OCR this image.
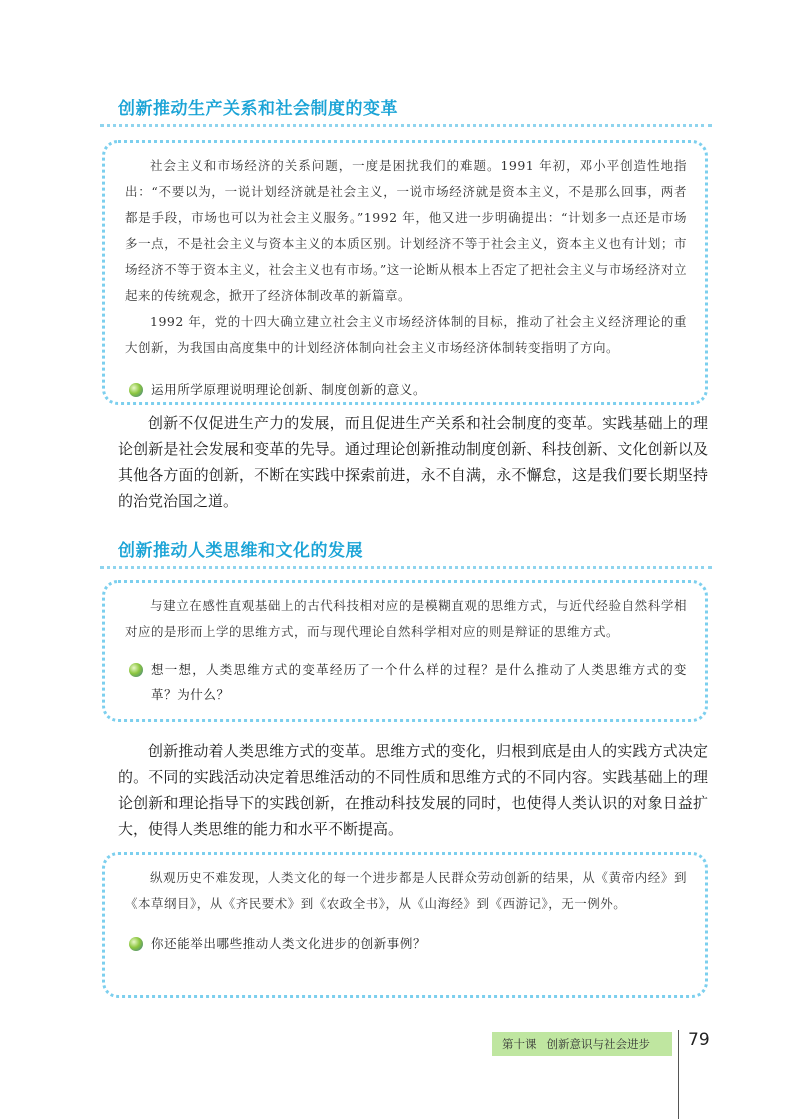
创新推动生产关系和社会制度的变革

社会主义和市场经济的关系问题，一度是困扰我们的难题。1991 年初，邓小平创造性地指出：“不要以为，一说计划经济就是社会主义，一说市场经济就是资本主义，不是那么回事，两者都是手段，市场也可以为社会主义服务。”1992 年，他又进一步明确提出：“计划多一点还是市场多一点，不是社会主义与资本主义的本质区别。计划经济不等于社会主义，资本主义也有计划；市场经济不等于资本主义，社会主义也有市场。”这一论断从根本上否定了把社会主义与市场经济对立起来的传统观念，掀开了经济体制改革的新篇章。

1992 年，党的十四大确立建立社会主义市场经济体制的目标，推动了社会主义经济理论的重大创新，为我国由高度集中的计划经济体制向社会主义市场经济体制转变指明了方向。

运用所学原理说明理论创新、制度创新的意义。

创新不仅促进生产力的发展，而且促进生产关系和社会制度的变革。实践基础上的理论创新是社会发展和变革的先导。通过理论创新推动制度创新、科技创新、文化创新以及其他各方面的创新，不断在实践中探索前进，永不自满，永不懈怠，这是我们要长期坚持的治党治国之道。

创新推动人类思维和文化的发展

与建立在感性直观基础上的古代科技相对应的是模糊直观的思维方式，与近代经验自然科学相对应的是形而上学的思维方式，而与现代理论自然科学相对应的则是辩证的思维方式。

想一想，人类思维方式的变革经历了一个什么样的过程？是什么推动了人类思维方式的变革？为什么？

创新推动着人类思维方式的变革。思维方式的变化，归根到底是由人的实践方式决定的。不同的实践活动决定着思维活动的不同性质和思维方式的不同内容。实践基础上的理论创新和理论指导下的实践创新，在推动科技发展的同时，也使得人类认识的对象日益扩大，使得人类思维的能力和水平不断提高。

纵观历史不难发现，人类文化的每一个进步都是人民群众劳动创新的结果，从《黄帝内经》到《本草纲目》，从《齐民要术》到《农政全书》，从《山海经》到《西游记》，无一例外。

你还能举出哪些推动人类文化进步的创新事例？
第十课 创新意识与社会进步 79
